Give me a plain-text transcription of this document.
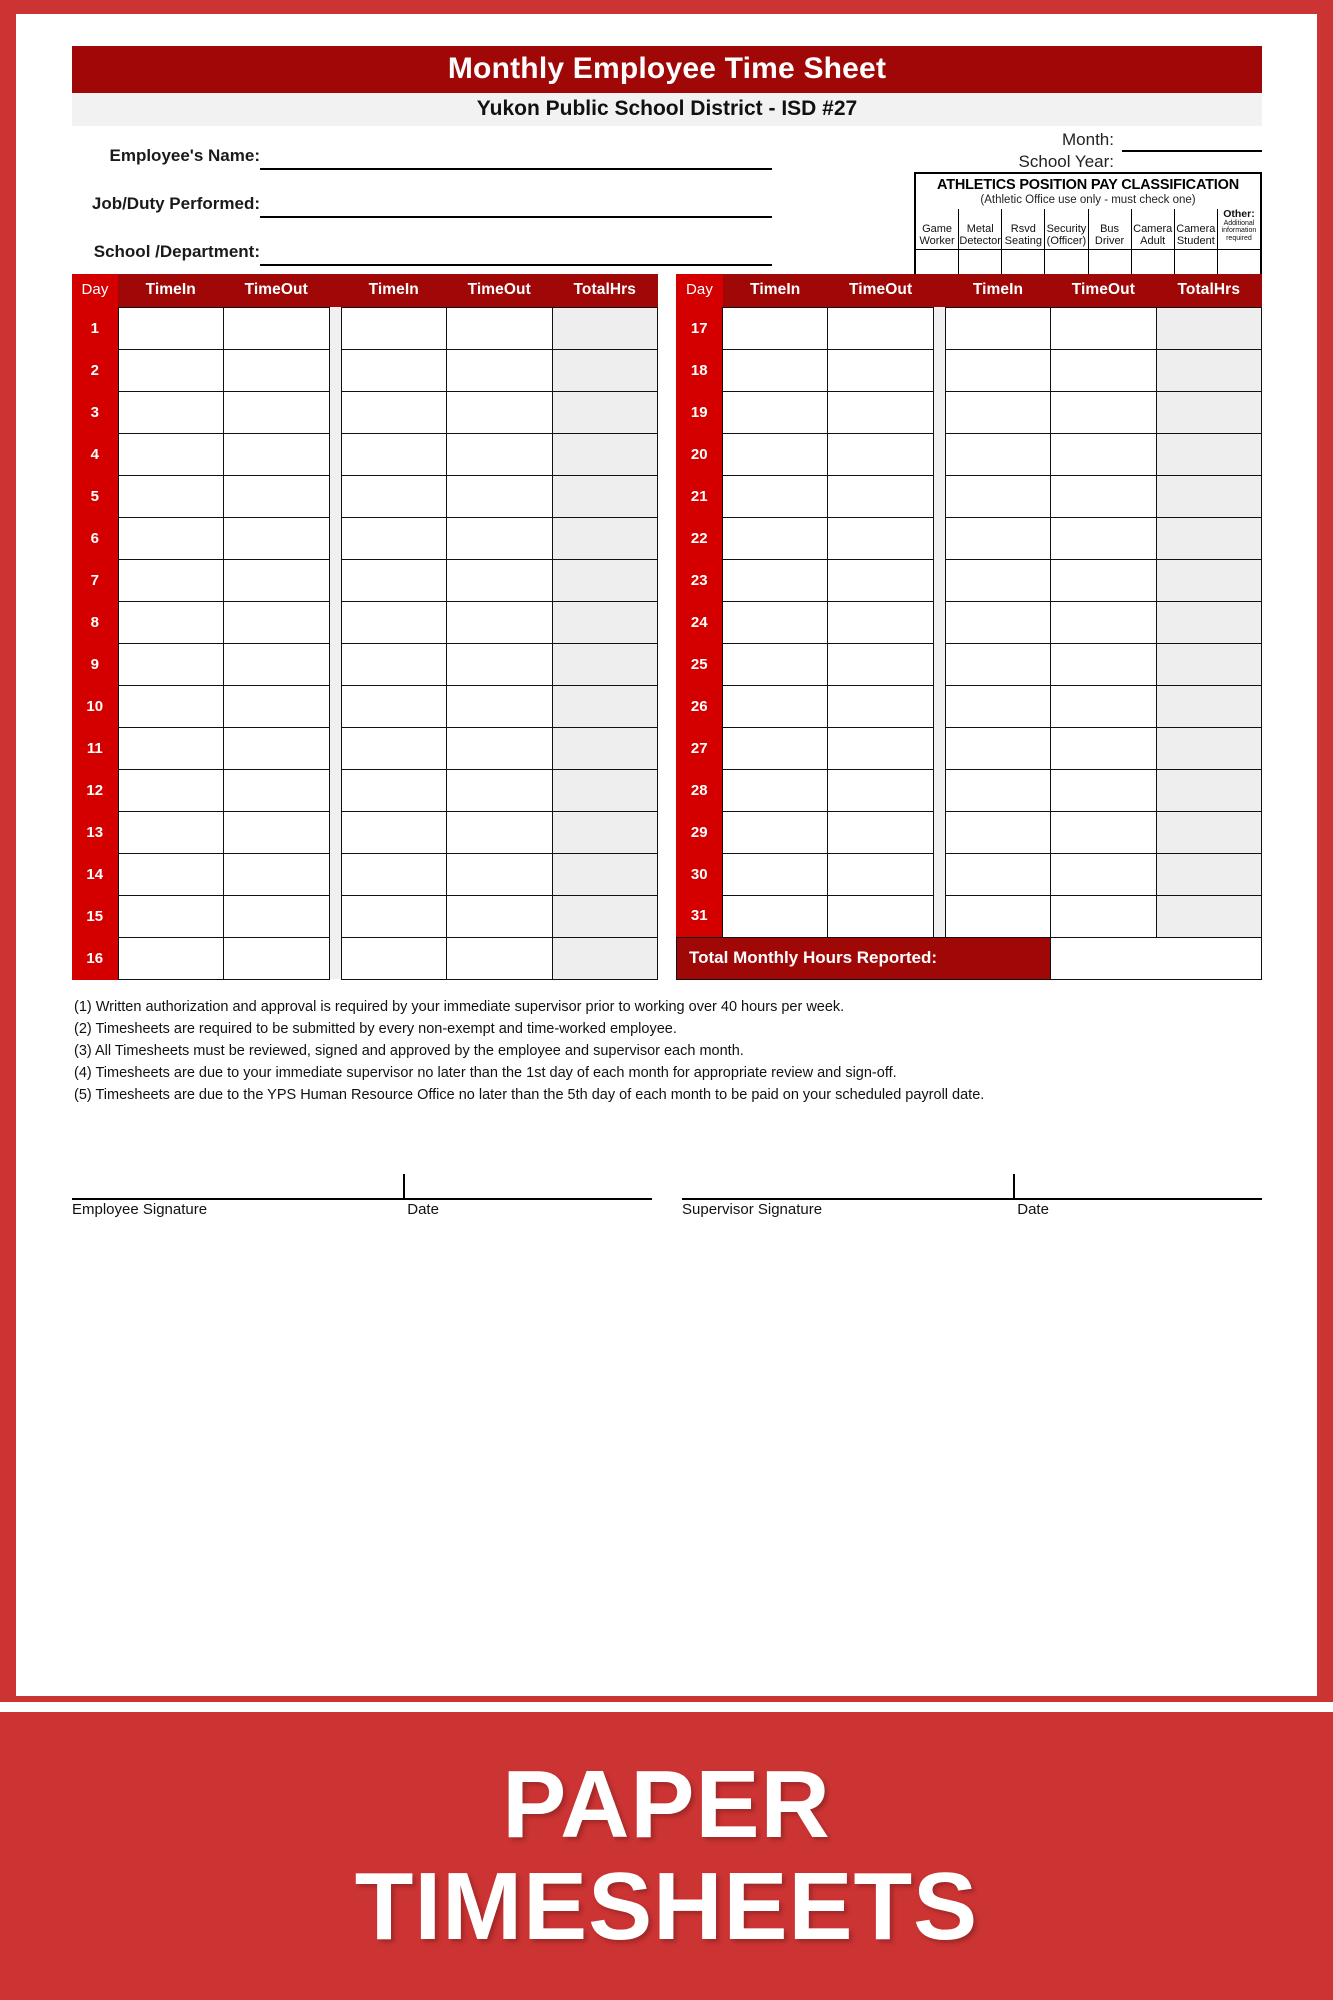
Monthly Employee Time Sheet
Yukon Public School District - ISD #27
Employee's Name:
Job/Duty Performed:
School /Department:
Month:
School Year:
ATHLETICS POSITION PAY CLASSIFICATION
(Athletic Office use only - must check one)
Game
Worker
Metal
Detector
Rsvd
Seating
Security
(Officer)
Bus
Driver
Camera
Adult
Camera
Student
Other:
Additional
information
required
Day	TimeIn	TimeOut		TimeIn	TimeOut	TotalHrs
1						
2						
3						
4						
5						
6						
7						
8						
9						
10						
11						
12						
13						
14						
15						
16						
Day	TimeIn	TimeOut		TimeIn	TimeOut	TotalHrs
17						
18						
19						
20						
21						
22						
23						
24						
25						
26						
27						
28						
29						
30						
31						
Total Monthly Hours Reported:						
(1) Written authorization and approval is required by your immediate supervisor prior to working over 40 hours per week.
(2) Timesheets are required to be submitted by every non-exempt and time-worked employee.
(3) All Timesheets must be reviewed, signed and approved by the employee and supervisor each month.
(4) Timesheets are due to your immediate supervisor no later than the 1st day of each month for appropriate review and sign-off.
(5) Timesheets are due to the YPS Human Resource Office no later than the 5th day of each month to be paid on your scheduled payroll date.
Employee Signature	Date	Supervisor Signature	Date
PAPER
TIMESHEETS
